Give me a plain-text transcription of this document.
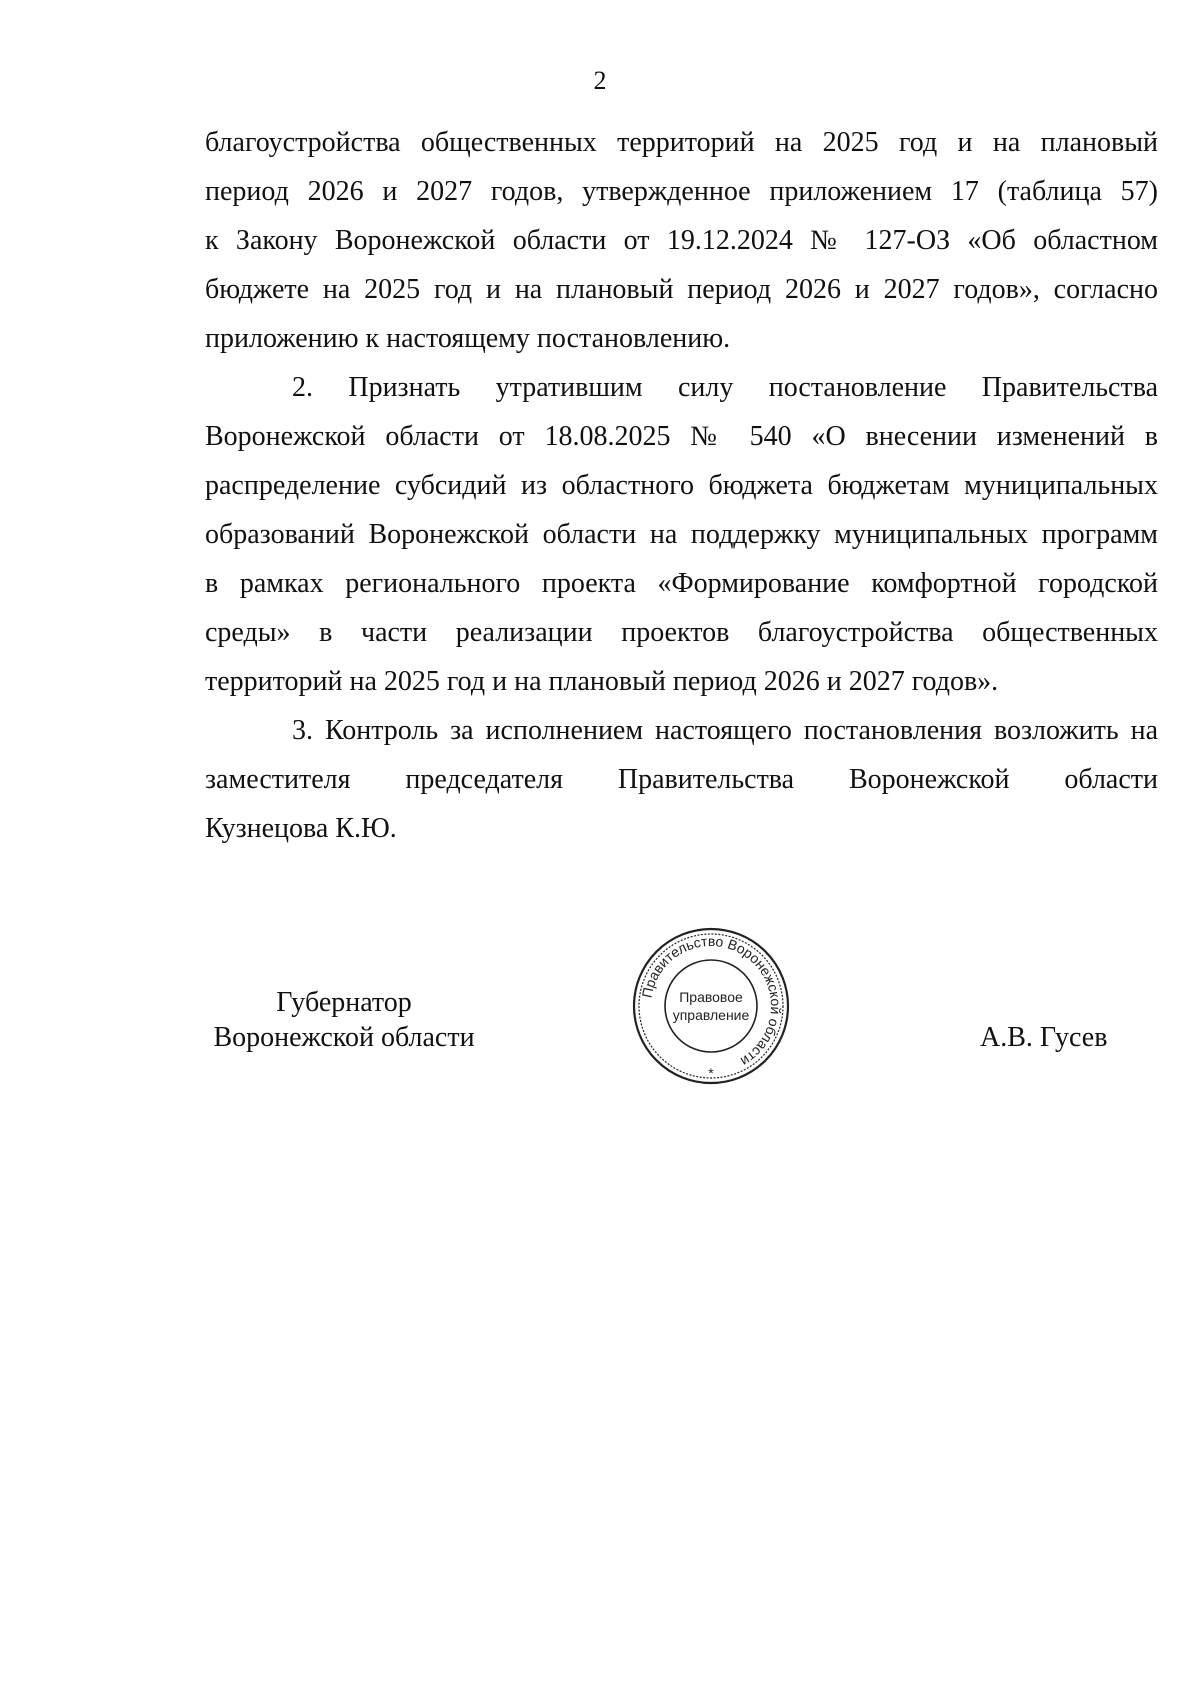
2

благоустройства общественных территорий на 2025 год и на плановый
период 2026 и 2027 годов, утвержденное приложением 17 (таблица 57)
к Закону Воронежской области от 19.12.2024 № 127-ОЗ «Об областном
бюджете на 2025 год и на плановый период 2026 и 2027 годов», согласно
приложению к настоящему постановлению.

2. Признать утратившим силу постановление Правительства
Воронежской области от 18.08.2025 № 540 «О внесении изменений в
распределение субсидий из областного бюджета бюджетам муниципальных
образований Воронежской области на поддержку муниципальных программ
в рамках регионального проекта «Формирование комфортной городской
среды» в части реализации проектов благоустройства общественных
территорий на 2025 год и на плановый период 2026 и 2027 годов».

3. Контроль за исполнением настоящего постановления возложить на
заместителя председателя Правительства Воронежской области
Кузнецова К.Ю.

Губернатор
Воронежской области
Правительство Воронежской области
Правовое
управление
*
А.В. Гусев
